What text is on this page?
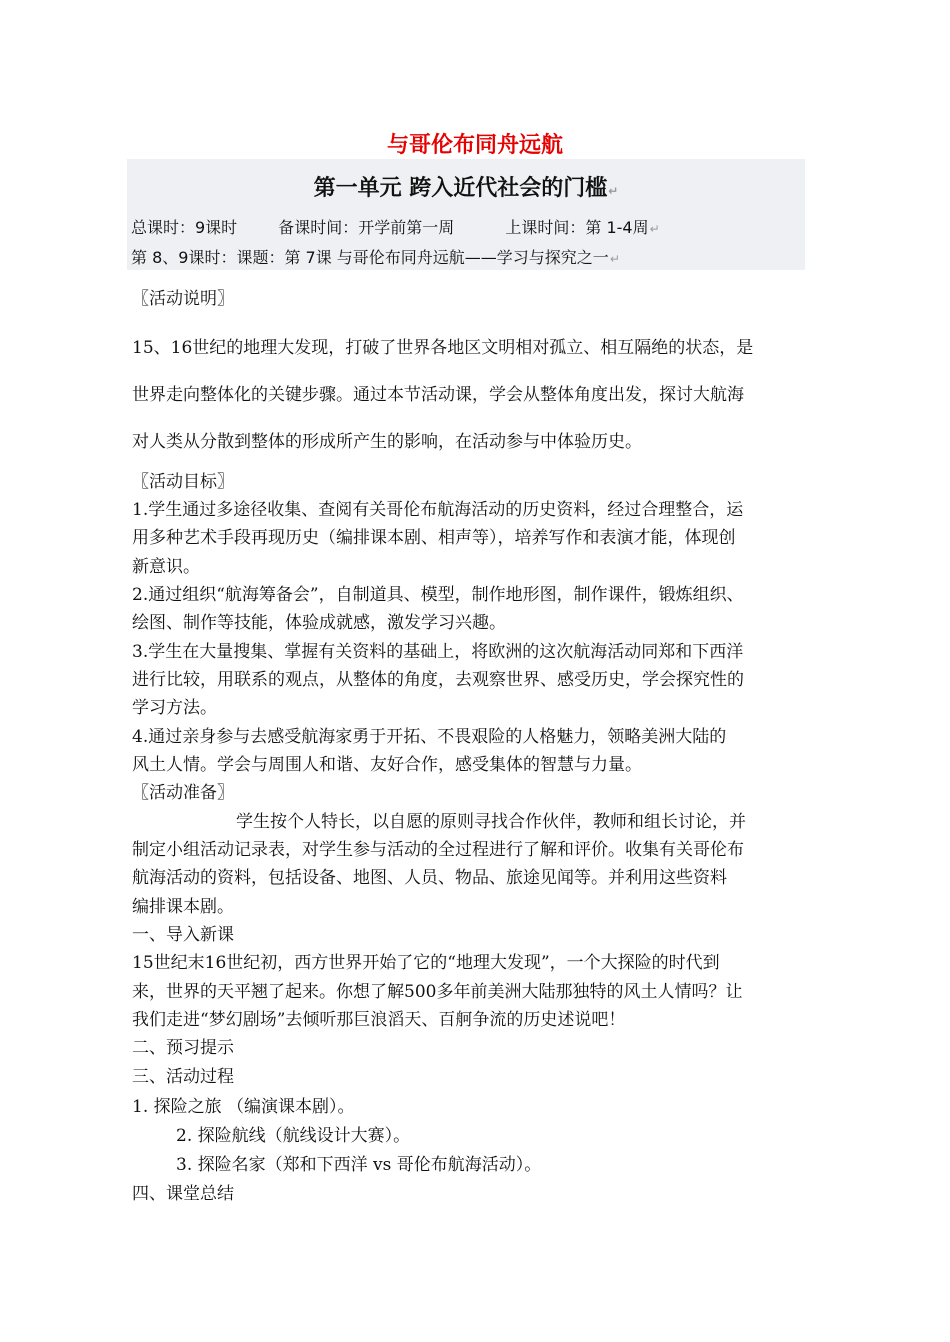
与哥伦布同舟远航
第一单元 跨入近代社会的门槛↵
总课时：9课时	备课时间：开学前第一周	上课时间：第 1-4周↵
第 8、9课时：课题：第 7课 与哥伦布同舟远航——学习与探究之一↵

〖活动说明〗

15、16世纪的地理大发现，打破了世界各地区文明相对孤立、相互隔绝的状态，是

世界走向整体化的关键步骤。通过本节活动课，学会从整体角度出发，探讨大航海

对人类从分散到整体的形成所产生的影响，在活动参与中体验历史。

〖活动目标〗

1.学生通过多途径收集、查阅有关哥伦布航海活动的历史资料，经过合理整合，运

用多种艺术手段再现历史（编排课本剧、相声等），培养写作和表演才能，体现创

新意识。

2.通过组织“航海筹备会”，自制道具、模型，制作地形图，制作课件，锻炼组织、

绘图、制作等技能，体验成就感，激发学习兴趣。

3.学生在大量搜集、掌握有关资料的基础上，将欧洲的这次航海活动同郑和下西洋

进行比较，用联系的观点，从整体的角度，去观察世界、感受历史，学会探究性的

学习方法。

4.通过亲身参与去感受航海家勇于开拓、不畏艰险的人格魅力，领略美洲大陆的

风土人情。学会与周围人和谐、友好合作，感受集体的智慧与力量。

〖活动准备〗

学生按个人特长，以自愿的原则寻找合作伙伴，教师和组长讨论，并

制定小组活动记录表，对学生参与活动的全过程进行了解和评价。收集有关哥伦布

航海活动的资料，包括设备、地图、人员、物品、旅途见闻等。并利用这些资料

编排课本剧。

一、导入新课

15世纪末16世纪初，西方世界开始了它的“地理大发现”，一个大探险的时代到

来，世界的天平翘了起来。你想了解500多年前美洲大陆那独特的风土人情吗？让

我们走进“梦幻剧场”去倾听那巨浪滔天、百舸争流的历史述说吧！

二、预习提示

三、活动过程

1. 探险之旅 （编演课本剧）。

2. 探险航线（航线设计大赛）。

3. 探险名家（郑和下西洋 vs 哥伦布航海活动）。

四、课堂总结
